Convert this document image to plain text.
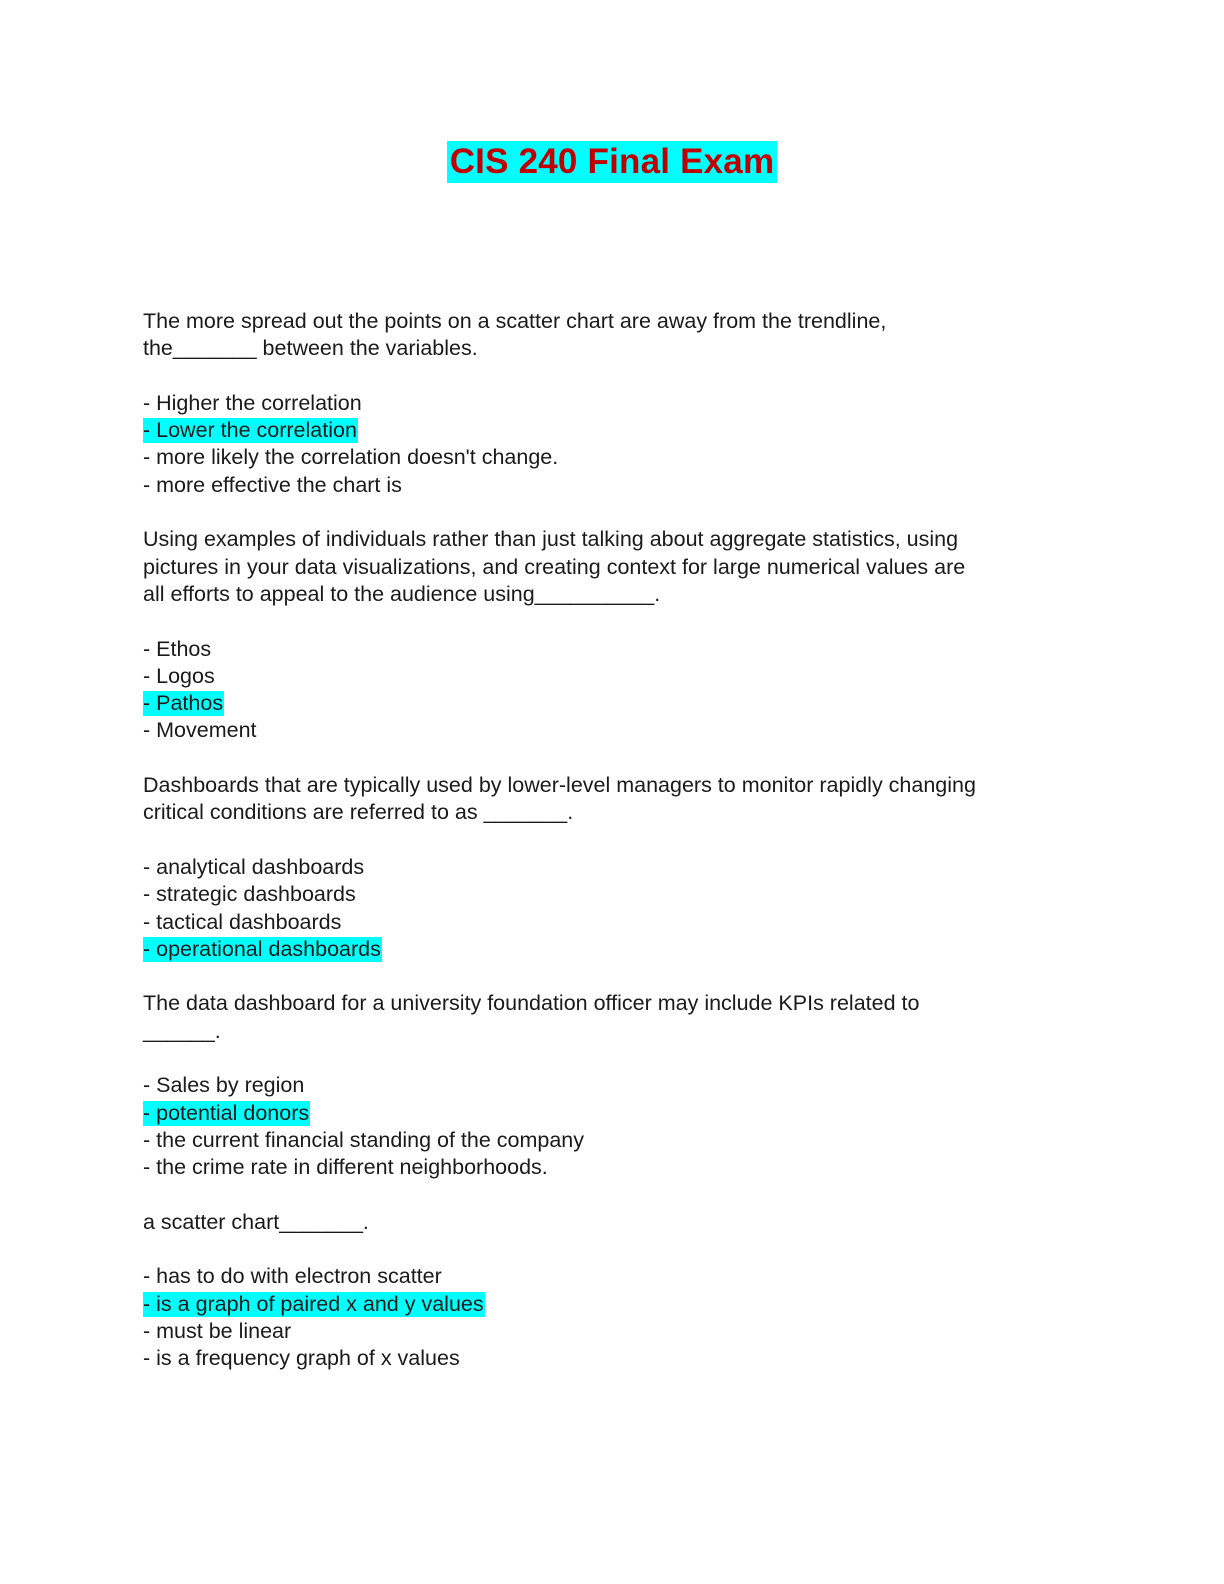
CIS 240 Final Exam
The more spread out the points on a scatter chart are away from the trendline,
the_______ between the variables.
- Higher the correlation
- Lower the correlation
- more likely the correlation doesn't change.
- more effective the chart is
Using examples of individuals rather than just talking about aggregate statistics, using
pictures in your data visualizations, and creating context for large numerical values are
all efforts to appeal to the audience using__________.
- Ethos
- Logos
- Pathos
- Movement
Dashboards that are typically used by lower-level managers to monitor rapidly changing
critical conditions are referred to as _______.
- analytical dashboards
- strategic dashboards
- tactical dashboards
- operational dashboards
The data dashboard for a university foundation officer may include KPIs related to
______.
- Sales by region
- potential donors
- the current financial standing of the company
- the crime rate in different neighborhoods.
a scatter chart_______.
- has to do with electron scatter
- is a graph of paired x and y values
- must be linear
- is a frequency graph of x values
